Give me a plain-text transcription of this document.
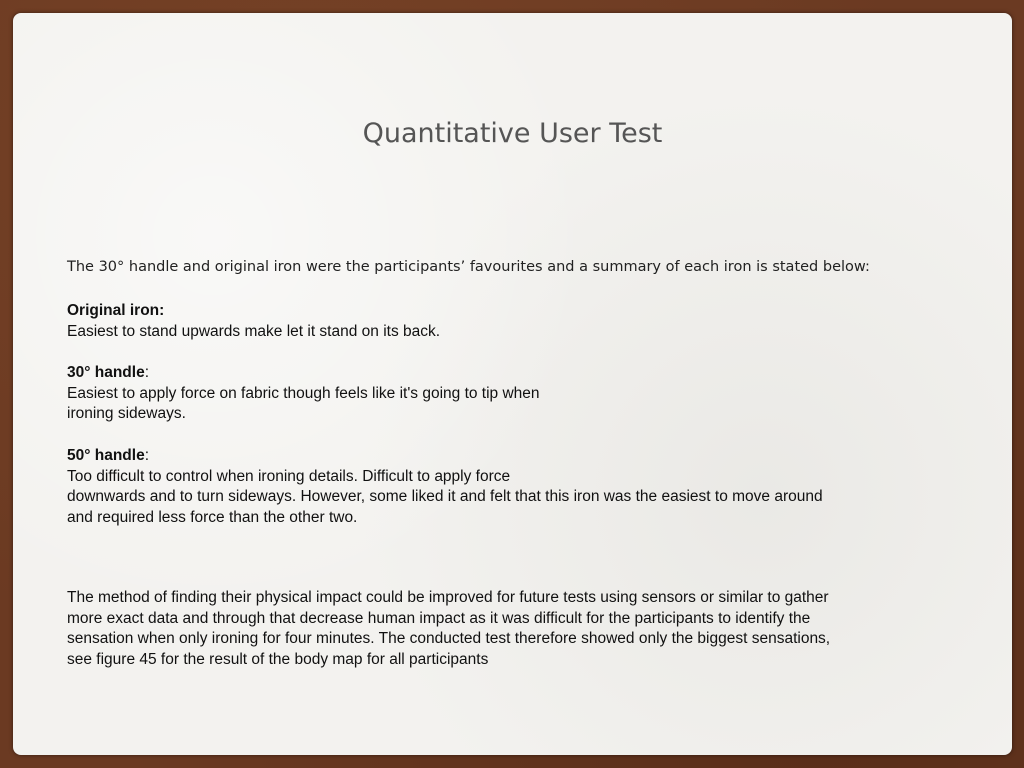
Quantitative User Test

The 30° handle and original iron were the participants’ favourites and a summary of each iron is stated below:

Original iron:

Easiest to stand upwards make let it stand on its back.

30° handle:

Easiest to apply force on fabric though feels like it's going to tip when

ironing sideways.

50° handle:

Too difficult to control when ironing details. Difficult to apply force

downwards and to turn sideways. However, some liked it and felt that this iron was the easiest to move around

and required less force than the other two.

The method of finding their physical impact could be improved for future tests using sensors or similar to gather

more exact data and through that decrease human impact as it was difficult for the participants to identify the

sensation when only ironing for four minutes. The conducted test therefore showed only the biggest sensations,

see figure 45 for the result of the body map for all participants
